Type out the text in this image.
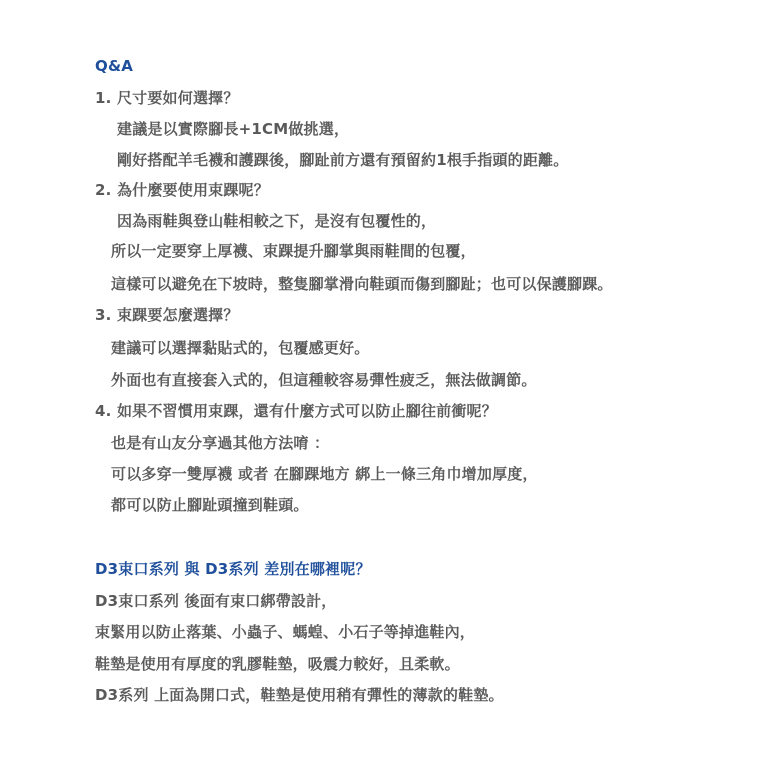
Q&A
1. 尺寸要如何選擇？
建議是以實際腳長+1CM做挑選，
剛好搭配羊毛襪和護踝後，腳趾前方還有預留約1根手指頭的距離。
2. 為什麼要使用束踝呢？
因為雨鞋與登山鞋相較之下，是沒有包覆性的，
所以一定要穿上厚襪、束踝提升腳掌與雨鞋間的包覆，
這樣可以避免在下坡時，整隻腳掌滑向鞋頭而傷到腳趾；也可以保護腳踝。
3. 束踝要怎麼選擇？
建議可以選擇黏貼式的，包覆感更好。
外面也有直接套入式的，但這種較容易彈性疲乏，無法做調節。
4. 如果不習慣用束踝，還有什麼方式可以防止腳往前衝呢？
也是有山友分享過其他方法唷 ：
可以多穿一雙厚襪 或者 在腳踝地方 綁上一條三角巾增加厚度，
都可以防止腳趾頭撞到鞋頭。
D3束口系列 與 D3系列 差別在哪裡呢？
D3束口系列 後面有束口綁帶設計，
束緊用以防止落葉、小蟲子、螞蝗、小石子等掉進鞋內，
鞋墊是使用有厚度的乳膠鞋墊，吸震力較好，且柔軟。
D3系列 上面為開口式，鞋墊是使用稍有彈性的薄款的鞋墊。
